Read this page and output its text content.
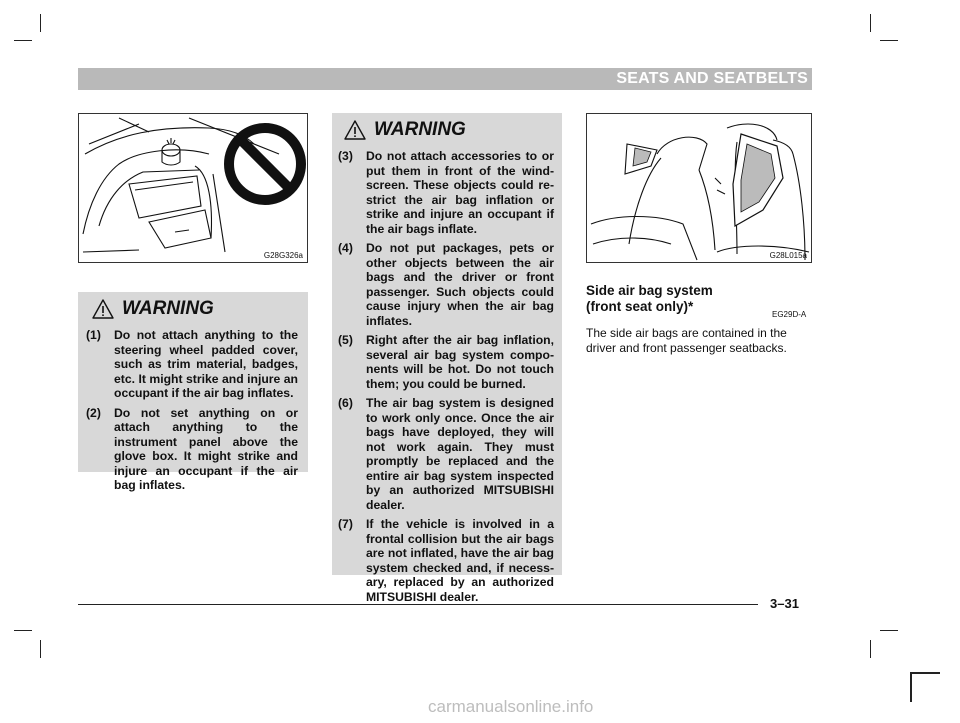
SEATS AND SEATBELTS
G28G326a
WARNING
(1)	Do not attach anything to the steering wheel padded cover, such as trim material, badges, etc. It might strike and injure an occupant if the air bag inflates.
(2)	Do not set anything on or attach anything to the instrument panel above the glove box. It might strike and injure an occupant if the air bag inflates.
WARNING
(3)	Do not attach accessories to or put them in front of the windscreen. These objects could restrict the air bag inflation or strike and injure an occupant if the air bags inflate.
(4)	Do not put packages, pets or other objects between the air bags and the driver or front passenger. Such objects could cause injury when the air bag inflates.
(5)	Right after the air bag inflation, several air bag system components will be hot. Do not touch them; you could be burned.
(6)	The air bag system is designed to work only once. Once the air bags have deployed, they will not work again. They must promptly be replaced and the entire air bag system inspected by an authorized MITSUBISHI dealer.
(7)	If the vehicle is involved in a frontal collision but the air bags are not inflated, have the air bag system checked and, if necessary, replaced by an authorized MITSUBISHI dealer.
G28L015a
Side air bag system
(front seat only)*
EG29D-A

The side air bags are contained in the driver and front passenger seatbacks.

3–31
carmanualsonline.info
